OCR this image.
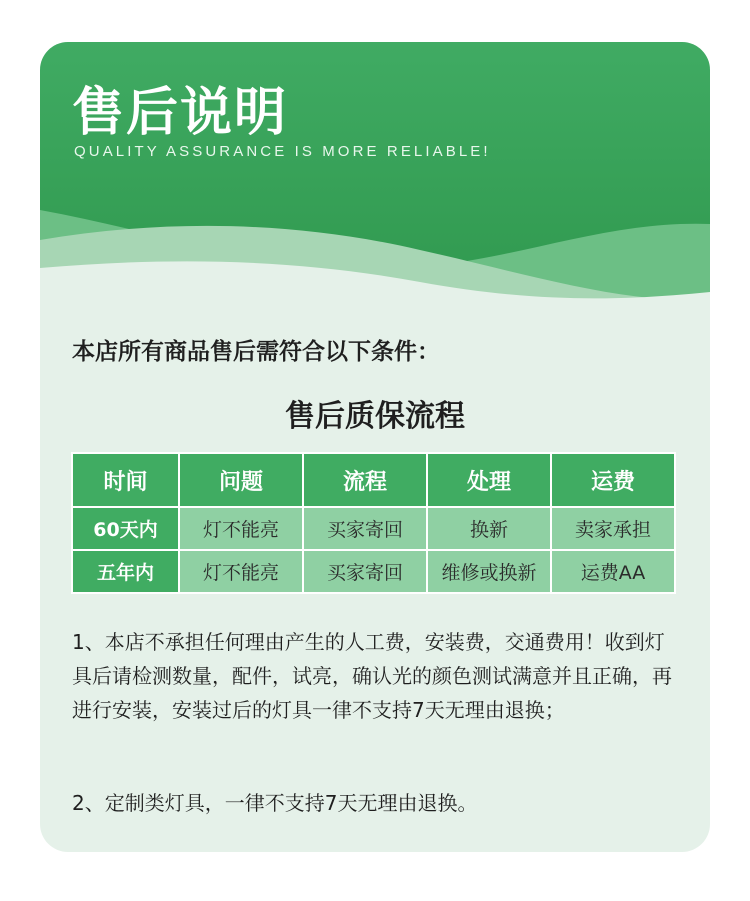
售后说明
QUALITY ASSURANCE IS MORE RELIABLE!
本店所有商品售后需符合以下条件：
售后质保流程
时间	问题	流程	处理	运费
60天内	灯不能亮	买家寄回	换新	卖家承担
五年内	灯不能亮	买家寄回	维修或换新	运费AA

1、本店不承担任何理由产生的人工费，安装费，交通费用！收到灯具后请检测数量，配件，试亮，确认光的颜色测试满意并且正确，再进行安装，安装过后的灯具一律不支持7天无理由退换；

2、定制类灯具，一律不支持7天无理由退换。
